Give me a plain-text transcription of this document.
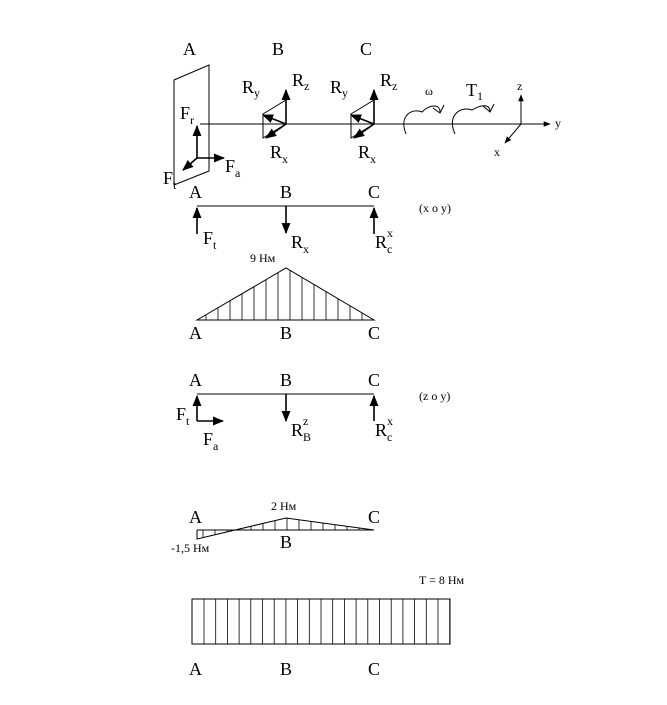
A	B	C
$F_r$
$F_a$
$F_t$
$R_y$
$R_z$
$R_x$
$R_y$
$R_z$
$R_x$
ω $T_1$
z
y
x
A	B	C
$F_t$	$R_x$	$R_c$
x
(x o y)
9 Нм
A	B	C
A	B	C
$F_t$
$F_a$
$R_B$
z	$R_c$
x
(z o y)
2 Нм
-1,5 Нм
A
B
C
T = 8 Нм
A	B	C
